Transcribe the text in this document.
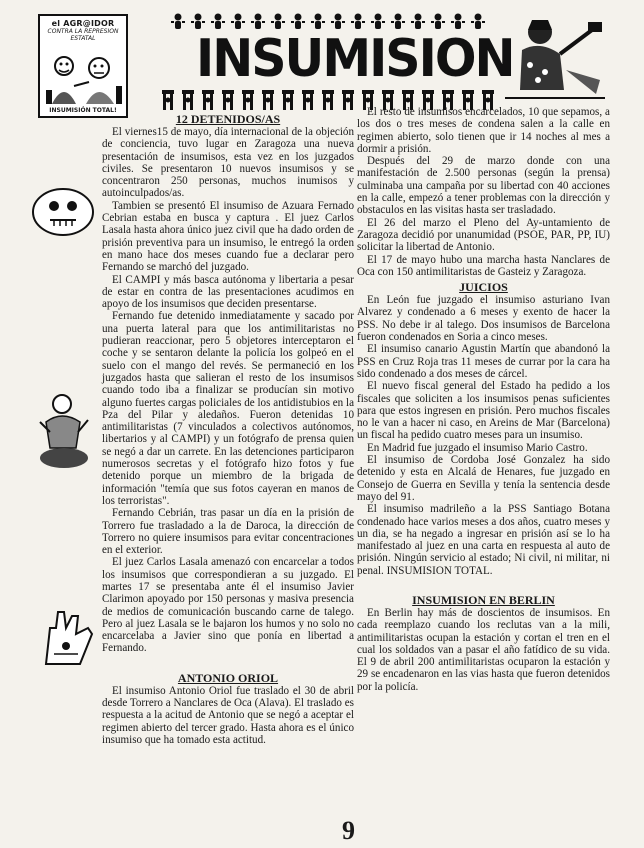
el AGR@IDOR
CONTRA LA REPRESION
ESTATAL
INSUMISIÓN TOTAL!
INSUMISION
12 DETENIDOS/AS

El viernes15 de mayo, día internacional de la objeción de conciencia, tuvo lugar en Zaragoza una nueva presentación de insumisos, esta vez en los juzgados civiles. Se presentaron 10 nuevos insumisos y se concentraron 250 personas, muchos inumisos y autoinculpados/as.

Tambien se presentó El insumiso de Azuara Fernado Cebrian estaba en busca y captura . El juez Carlos Lasala hasta ahora único juez civil que ha dado orden de prisión preventiva para un insumiso, le entregó la orden en mano hace dos meses cuando fue a declarar pero Fernando se marchó del juzgado.

El CAMPI y más basca autónoma y libertaria a pesar de estar en contra de las presentaciones acudimos en apoyo de los insumisos que deciden presentarse.

Fernando fue detenido inmediatamente y sacado por una puerta lateral para que los antimilitaristas no pudieran reaccionar, pero 5 objetores interceptaron el coche y se sentaron delante la policía los golpeó en el suelo con el mango del revés. Se permaneció en los juzgados hasta que salieran el resto de los insumisos cuando todo iba a finalizar se producían sin motivo alguno fuertes cargas policiales de los antidistubios en la Pza del Pilar y aledaños. Fueron detenidas 10 antimilitaristas (7 vinculados a colectivos autónomos, libertarios y al CAMPI) y un fotógrafo de prensa quien se negó a dar un carrete. En las detenciones participaron numerosos secretas y el fotógrafo hizo fotos y fue detenido porque un miembro de la brigada de información "temía que sus fotos cayeran en manos de los terroristas".

Fernando Cebrián, tras pasar un día en la prisión de Torrero fue trasladado a la de Daroca, la dirección de Torrero no quiere insumisos para evitar concentraciones en el exterior.

El juez Carlos Lasala amenazó con encarcelar a todos los insumisos que correspondieran a su juzgado. El martes 17 se presentaba ante él el insumiso Javier Clarimon apoyado por 150 personas y masiva presencia de medios de comunicación buscando carne de talego. Pero al juez Lasala se le bajaron los humos y no solo no encarcelaba a Javier sino que ponía en libertad a Fernando.

ANTONIO ORIOL

El insumiso Antonio Oriol fue traslado el 30 de abril desde Torrero a Nanclares de Oca (Alava). El traslado es respuesta a la acitud de Antonio que se negó a aceptar el regimen abierto del tercer grado. Hasta ahora es el único insumiso que ha tomado esta actitud.

El resto de insumisos encarcelados, 10 que sepamos, a los dos o tres meses de condena salen a la calle en regimen abierto, solo tienen que ir 14 noches al mes a dormir a prisión.

Después del 29 de marzo donde con una manifestación de 2.500 personas (según la prensa) culminaba una campaña por su libertad con 40 acciones en la calle, empezó a tener problemas con la dirección y obstaculos en las visitas hasta ser trasladado.

El 26 del marzo el Pleno del Ay-untamiento de Zaragoza decidió por unanumidad (PSOE, PAR, PP, IU) solicitar la libertad de Antonio.

El 17 de mayo hubo una marcha hasta Nanclares de Oca con 150 antimilitaristas de Gasteiz y Zaragoza.

JUICIOS

En León fue juzgado el insumiso asturiano Ivan Alvarez y condenado a 6 meses y exento de hacer la PSS. No debe ir al talego. Dos insumisos de Barcelona fueron condenados en Soria a cinco meses.

El insumiso canario Agustin Martín que abandonó la PSS en Cruz Roja tras 11 meses de currar por la cara ha sido condenado a dos meses de cárcel.

El nuevo fiscal general del Estado ha pedido a los fiscales que soliciten a los insumisos penas suficientes para que estos ingresen en prisión. Pero muchos fiscales no le van a hacer ni caso, en Areins de Mar (Barcelona) un fiscal ha pedido cuatro meses para un insumiso.

En Madrid fue juzgado el insumiso Mario Castro.

El insumiso de Cordoba José Gonzalez ha sido detenido y esta en Alcalá de Henares, fue juzgado en Consejo de Guerra en Sevilla y tenía la sentencia desde mayo del 91.

El insumiso madrileño a la PSS Santiago Botana condenado hace varios meses a dos años, cuatro meses y un dia, se ha negado a ingresar en prisión así se lo ha manifestado al juez en una carta en respuesta al auto de prisión. Ningún servicio al estado; Ni civil, ni militar, ni penal. INSUMISION TOTAL.

INSUMISION EN BERLIN

En Berlin hay más de doscientos de insumisos. En cada reemplazo cuando los reclutas van a la mili, antimilitaristas ocupan la estación y cortan el tren en el cual los soldados van a pasar el año fatídico de su vida. El 9 de abril 200 antimilitaristas ocuparon la estación y 29 se encadenaron en las vias hasta que fueron detenidos por la policía.

9
